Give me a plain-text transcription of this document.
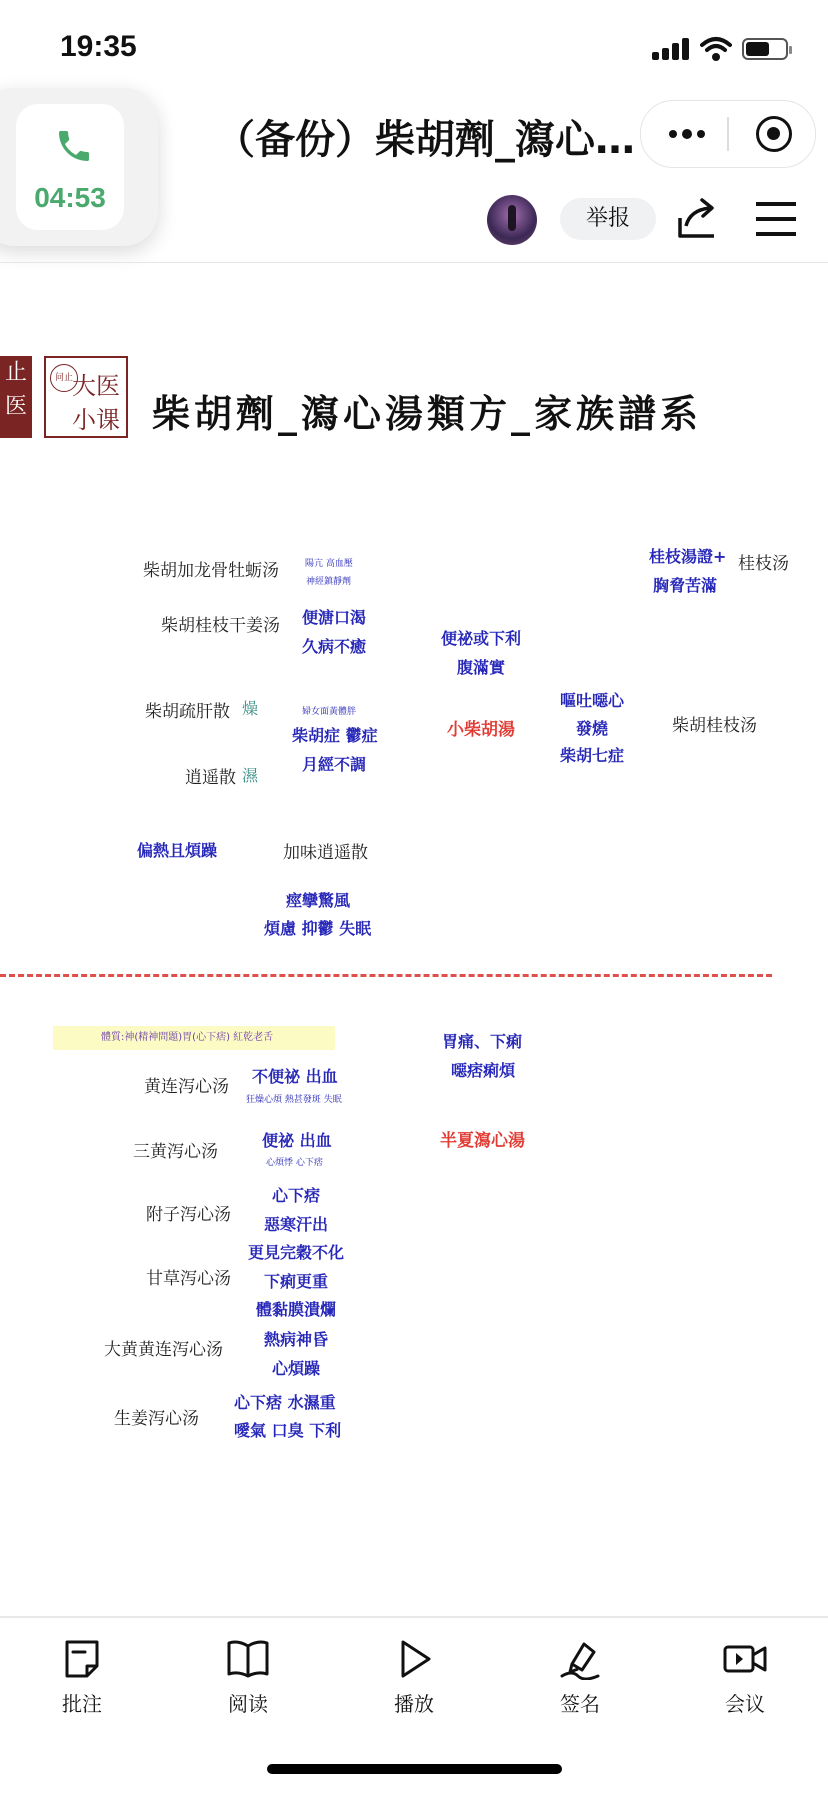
19:35
04:53
（备份）柴胡劑_瀉心…
举报
止
医
问止 大医
小课 柴胡劑_瀉心湯類方_家族譜系
柴胡加龙骨牡蛎汤
柴胡桂枝干姜汤
柴胡疏肝散 燥
逍遥散 濕
加味逍遥散
陽亢 高血壓
神經鎮靜劑
便溏口渴
久病不癒
婦女面黃體胖
柴胡症 鬱症
月經不調
偏熱且煩躁
痙攣驚風
煩慮 抑鬱 失眠
便祕或下利
腹滿實
小柴胡湯
嘔吐噁心
發燒
柴胡七症
桂枝湯證+
胸脅苦滿
柴胡桂枝汤
桂枝汤
體質:神(精神問題)胃(心下痞) 紅乾老舌	胃痛、下痢
噁痞痢煩
半夏瀉心湯
黄连泻心汤
不便祕 出血
狂燥心煩 熱甚發斑 失眠
三黄泻心汤
便祕 出血
心煩悸 心下痞
附子泻心汤
心下痞
惡寒汗出
甘草泻心汤
更見完穀不化
下痢更重
體黏膜潰爛
大黄黄连泻心汤
熱病神昏
心煩躁
生姜泻心汤
心下痞 水濕重
噯氣 口臭 下利
批注	阅读	播放	签名	会议
